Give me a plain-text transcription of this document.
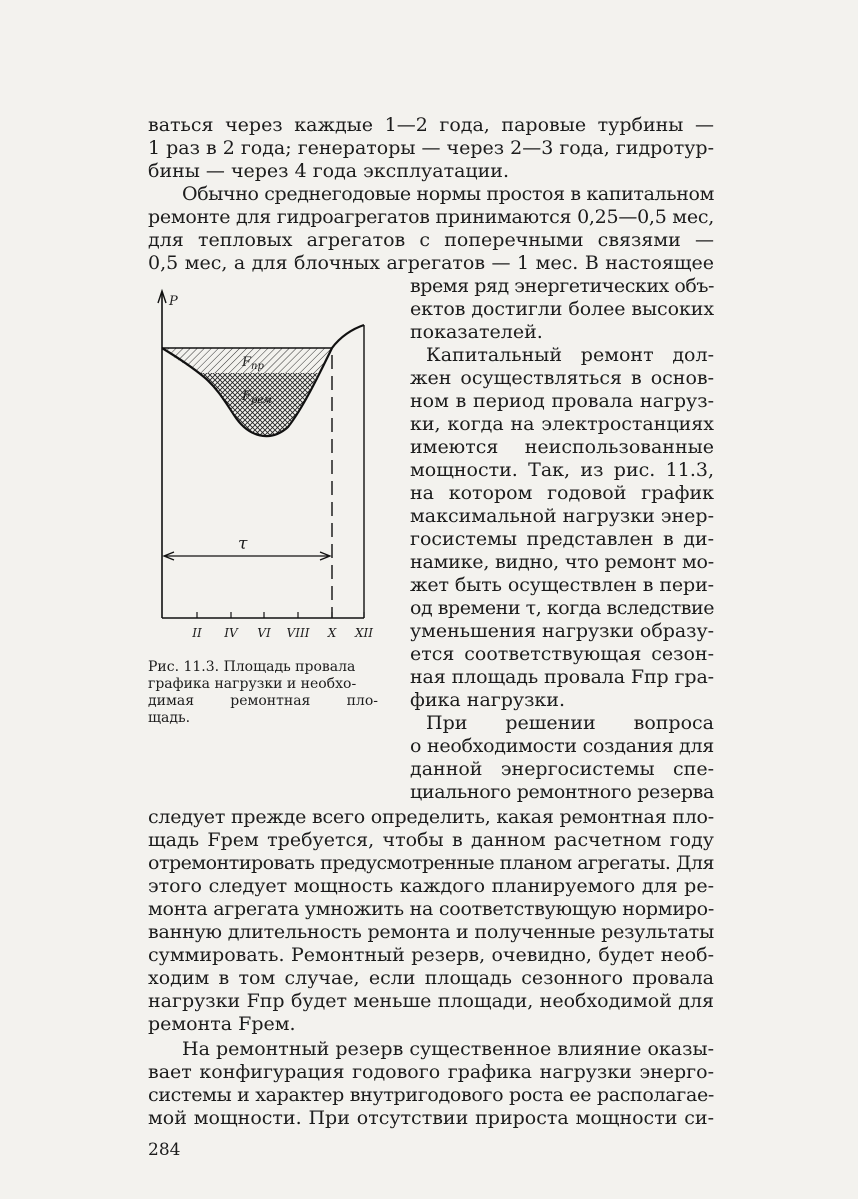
ваться через каждые 1—2 года, паровые турбины —
1 раз в 2 года; генераторы — через 2—3 года, гидротур-
бины — через 4 года эксплуатации.
Обычно среднегодовые нормы простоя в капитальном
ремонте для гидроагрегатов принимаются 0,25—0,5 мес,
для тепловых агрегатов с поперечными связями —
0,5 мес, а для блочных агрегатов — 1 мес. В настоящее
время ряд энергетических объ-
ектов достигли более высоких
показателей.
Капитальный ремонт дол-
жен осуществляться в основ-
ном в период провала нагруз-
ки, когда на электростанциях
имеются неиспользованные
мощности. Так, из рис. 11.3,
на котором годовой график
максимальной нагрузки энер-
госистемы представлен в ди-
намике, видно, что ремонт мо-
жет быть осуществлен в пери-
од времени τ, когда вследствие
уменьшения нагрузки образу-
ется соответствующая сезон-
ная площадь провала Fпр гра-
фика нагрузки.
При решении вопроса
о необходимости создания для
данной энергосистемы спе-
циального ремонтного резерва
следует прежде всего определить, какая ремонтная пло-
щадь Fрем требуется, чтобы в данном расчетном году
отремонтировать предусмотренные планом агрегаты. Для
этого следует мощность каждого планируемого для ре-
монта агрегата умножить на соответствующую нормиро-
ванную длительность ремонта и полученные результаты
суммировать. Ремонтный резерв, очевидно, будет необ-
ходим в том случае, если площадь сезонного провала
нагрузки Fпр будет меньше площади, необходимой для
ремонта Fрем.
На ремонтный резерв существенное влияние оказы-
вает конфигурация годового графика нагрузки энерго-
системы и характер внутригодового роста ее располагае-
мой мощности. При отсутствии прироста мощности си-
P
$F_{пр}$
$F_{рем}$
τ
II IV VI VIII X XII
Рис. 11.3. Площадь провала
графика нагрузки и необхо-
димая ремонтная пло-
щадь.
284
